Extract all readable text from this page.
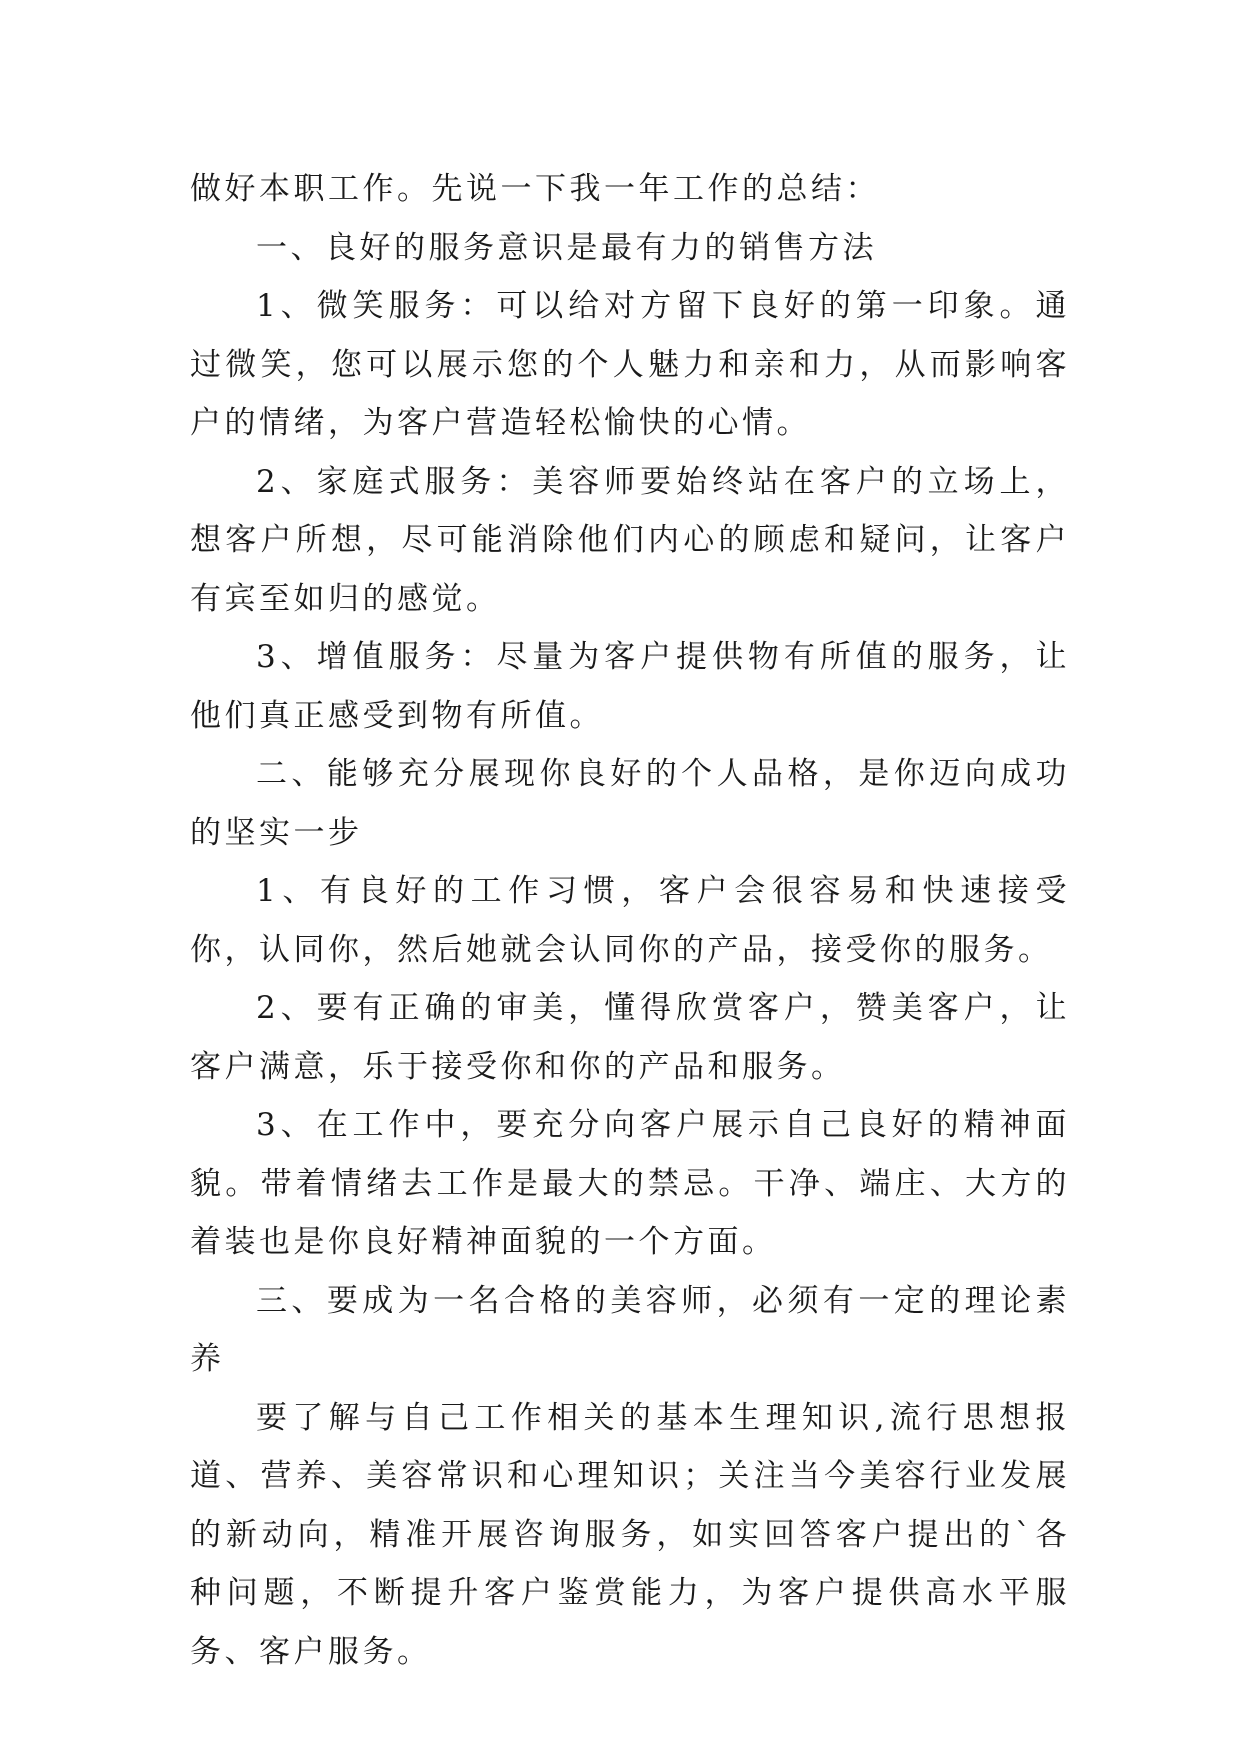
做好本职工作。先说一下我一年工作的总结：

一、良好的服务意识是最有力的销售方法

1、微笑服务：可以给对方留下良好的第一印象。通过微笑，您可以展示您的个人魅力和亲和力，从而影响客户的情绪，为客户营造轻松愉快的心情。

2、家庭式服务：美容师要始终站在客户的立场上，想客户所想，尽可能消除他们内心的顾虑和疑问，让客户有宾至如归的感觉。

3、增值服务：尽量为客户提供物有所值的服务，让他们真正感受到物有所值。

二、能够充分展现你良好的个人品格，是你迈向成功的坚实一步

1、有良好的工作习惯，客户会很容易和快速接受你，认同你，然后她就会认同你的产品，接受你的服务。

2、要有正确的审美，懂得欣赏客户，赞美客户，让客户满意，乐于接受你和你的产品和服务。

3、在工作中，要充分向客户展示自己良好的精神面貌。带着情绪去工作是最大的禁忌。干净、端庄、大方的着装也是你良好精神面貌的一个方面。

三、要成为一名合格的美容师，必须有一定的理论素养

要了解与自己工作相关的基本生理知识,流行思想报道、营养、美容常识和心理知识；关注当今美容行业发展的新动向，精准开展咨询服务，如实回答客户提出的`各种问题，不断提升客户鉴赏能力，为客户提供高水平服务、客户服务。
